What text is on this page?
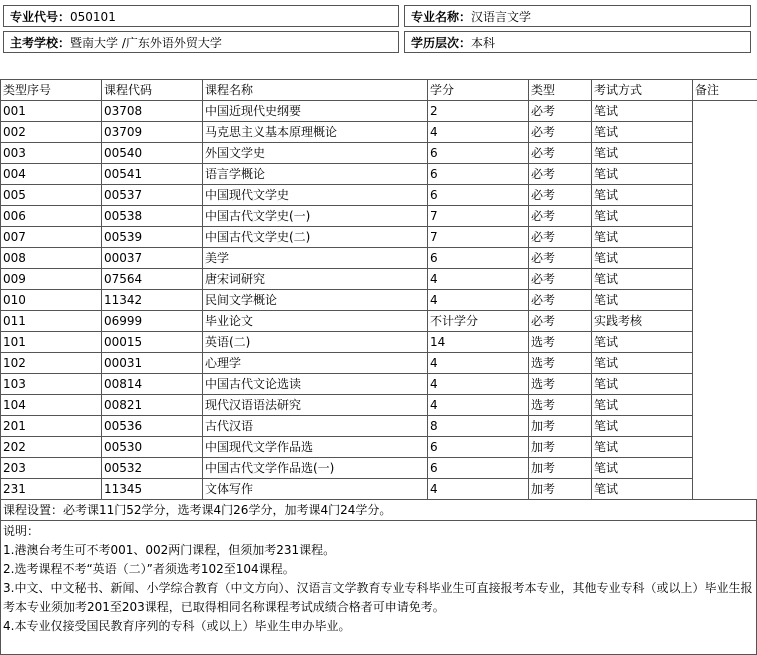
专业代号：050101	专业名称：汉语言文学
主考学校：暨南大学 /广东外语外贸大学	学历层次：本科
类型序号	课程代码	课程名称	学分	类型	考试方式	备注
001	03708	中国近现代史纲要	2	必考	笔试	
002	03709	马克思主义基本原理概论	4	必考	笔试	
003	00540	外国文学史	6	必考	笔试	
004	00541	语言学概论	6	必考	笔试	
005	00537	中国现代文学史	6	必考	笔试	
006	00538	中国古代文学史(一)	7	必考	笔试	
007	00539	中国古代文学史(二)	7	必考	笔试	
008	00037	美学	6	必考	笔试	
009	07564	唐宋词研究	4	必考	笔试	
010	11342	民间文学概论	4	必考	笔试	
011	06999	毕业论文	不计学分	必考	实践考核	
101	00015	英语(二)	14	选考	笔试	
102	00031	心理学	4	选考	笔试	
103	00814	中国古代文论选读	4	选考	笔试	
104	00821	现代汉语语法研究	4	选考	笔试	
201	00536	古代汉语	8	加考	笔试	
202	00530	中国现代文学作品选	6	加考	笔试	
203	00532	中国古代文学作品选(一)	6	加考	笔试	
231	11345	文体写作	4	加考	笔试	
课程设置：必考课11门52学分，选考课4门26学分，加考课4门24学分。
说明：
1.港澳台考生可不考001、002两门课程，但须加考231课程。
2.选考课程不考“英语（二）”者须选考102至104课程。
3.中文、中文秘书、新闻、小学综合教育（中文方向）、汉语言文学教育专业专科毕业生可直接报考本专业，其他专业专科（或以上）毕业生报考本专业须加考201至203课程，已取得相同名称课程考试成绩合格者可申请免考。
4.本专业仅接受国民教育序列的专科（或以上）毕业生申办毕业。
